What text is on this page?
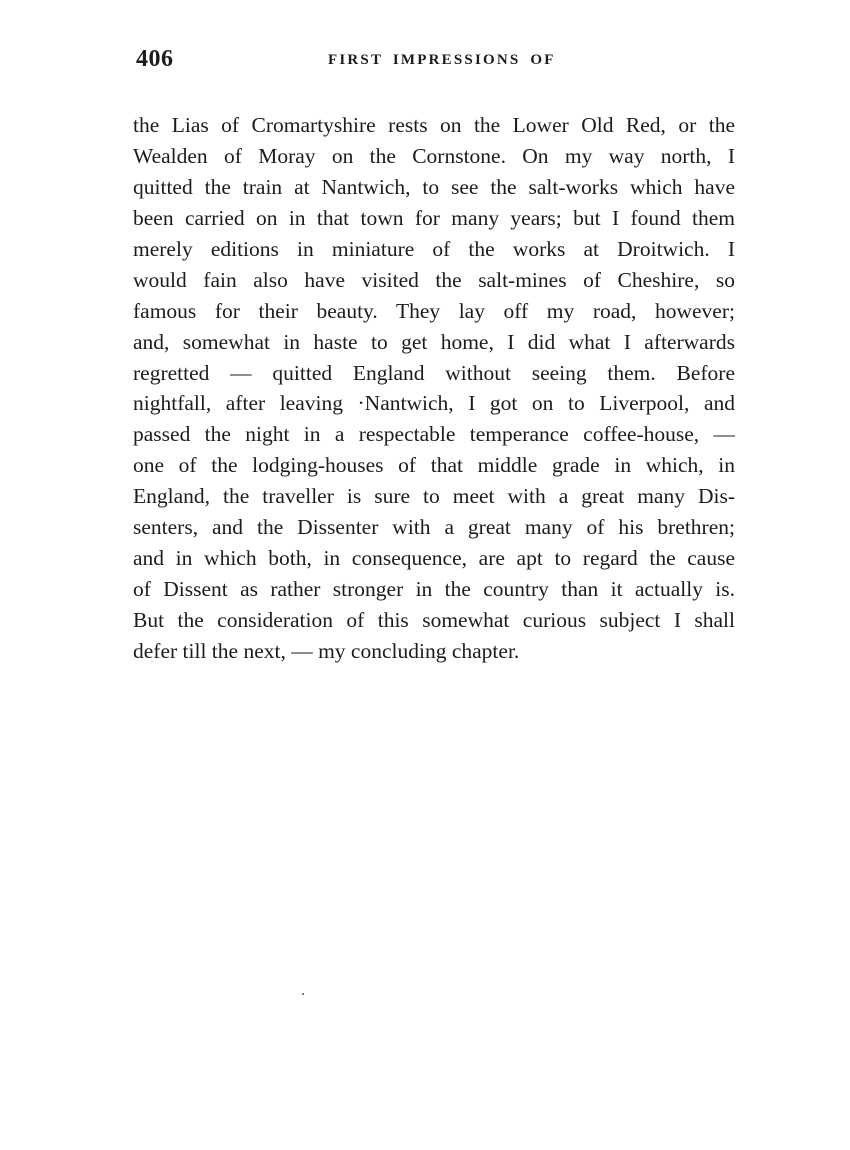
406	FIRST IMPRESSIONS OF
the Lias of Cromartyshire rests on the Lower Old Red, or the
Wealden of Moray on the Cornstone. On my way north, I
quitted the train at Nantwich, to see the salt-works which have
been carried on in that town for many years; but I found them
merely editions in miniature of the works at Droitwich. I
would fain also have visited the salt-mines of Cheshire, so
famous for their beauty. They lay off my road, however;
and, somewhat in haste to get home, I did what I afterwards
regretted — quitted England without seeing them. Before
nightfall, after leaving ·Nantwich, I got on to Liverpool, and
passed the night in a respectable temperance coffee-house, —
one of the lodging-houses of that middle grade in which, in
England, the traveller is sure to meet with a great many Dis-
senters, and the Dissenter with a great many of his brethren;
and in which both, in consequence, are apt to regard the cause
of Dissent as rather stronger in the country than it actually is.
But the consideration of this somewhat curious subject I shall
defer till the next, — my concluding chapter.
